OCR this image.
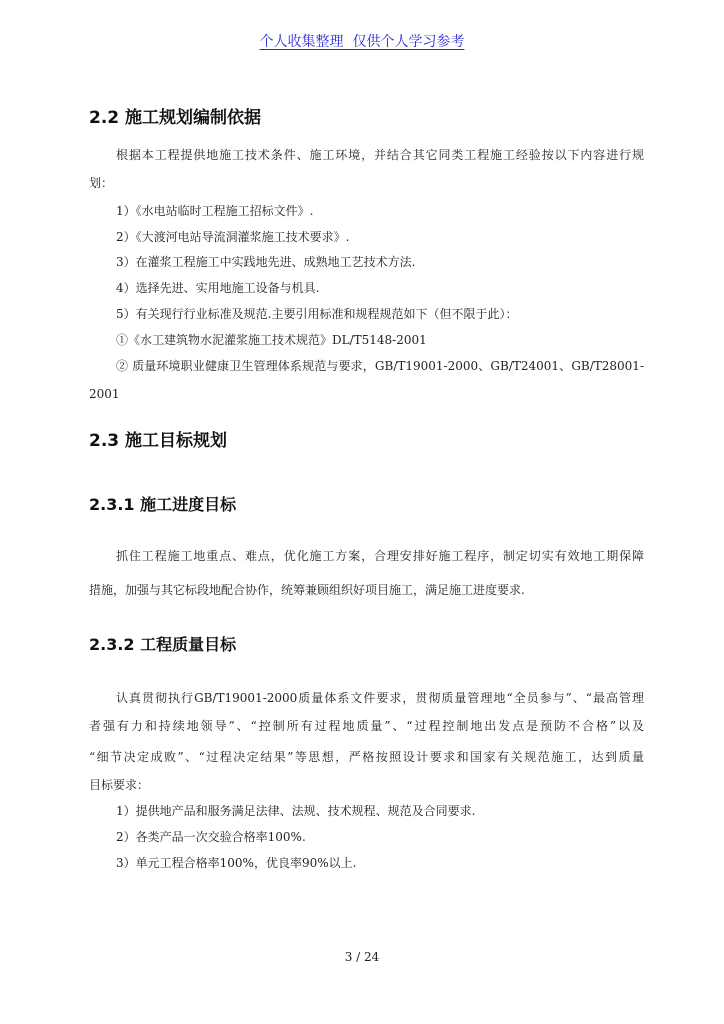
个人收集整理  仅供个人学习参考
2.2 施工规划编制依据
根据本工程提供地施工技术条件、施工环境，并结合其它同类工程施工经验按以下内容进行规
划：
1）《水电站临时工程施工招标文件》.
2）《大渡河电站导流洞灌浆施工技术要求》.
3）在灌浆工程施工中实践地先进、成熟地工艺技术方法.
4）选择先进、实用地施工设备与机具.
5）有关现行行业标准及规范.主要引用标准和规程规范如下（但不限于此）：
①《水工建筑物水泥灌浆施工技术规范》DL/T5148-2001
② 质量环境职业健康卫生管理体系规范与要求，GB/T19001-2000、GB/T24001、GB/T28001-
2001
2.3 施工目标规划
2.3.1 施工进度目标
抓住工程施工地重点、难点，优化施工方案，合理安排好施工程序，制定切实有效地工期保障
措施，加强与其它标段地配合协作，统筹兼顾组织好项目施工，满足施工进度要求.
2.3.2 工程质量目标
认真贯彻执行GB/T19001-2000质量体系文件要求，贯彻质量管理地“全员参与”、“最高管理
者强有力和持续地领导”、“控制所有过程地质量”、“过程控制地出发点是预防不合格”以及
“细节决定成败”、“过程决定结果”等思想，严格按照设计要求和国家有关规范施工，达到质量
目标要求：
1）提供地产品和服务满足法律、法规、技术规程、规范及合同要求.
2）各类产品一次交验合格率100%.
3）单元工程合格率100%，优良率90%以上.
3 / 24
